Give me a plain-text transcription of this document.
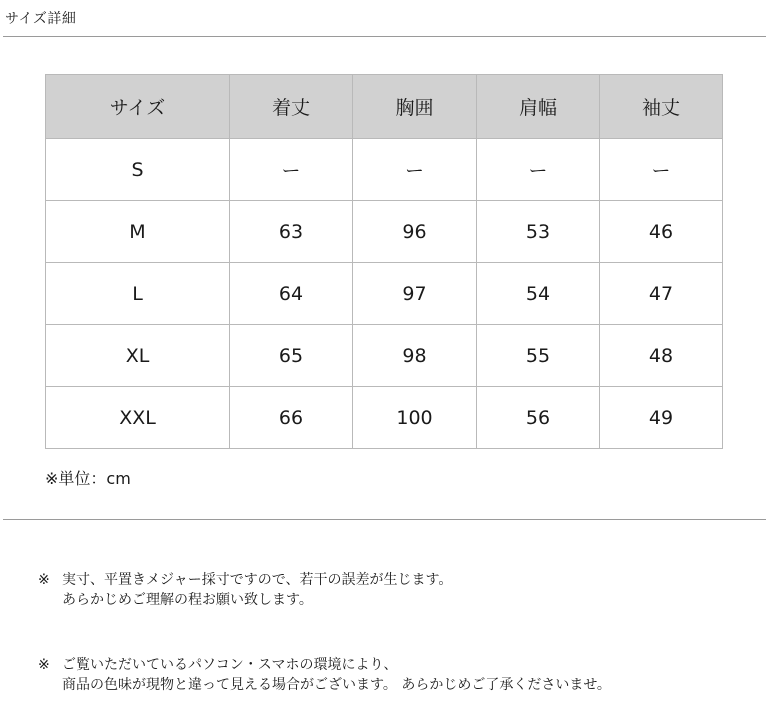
サイズ詳細
サイズ	着丈	胸囲	肩幅	袖丈
S	ー	ー	ー	ー
M	63	96	53	46
L	64	97	54	47
XL	65	98	55	48
XXL	66	100	56	49
※単位：cm
※ 実寸、平置きメジャー採寸ですので、若干の誤差が生じます。
あらかじめご理解の程お願い致します。
※ ご覧いただいているパソコン・スマホの環境により、
商品の色味が現物と違って見える場合がございます。 あらかじめご了承くださいませ。
